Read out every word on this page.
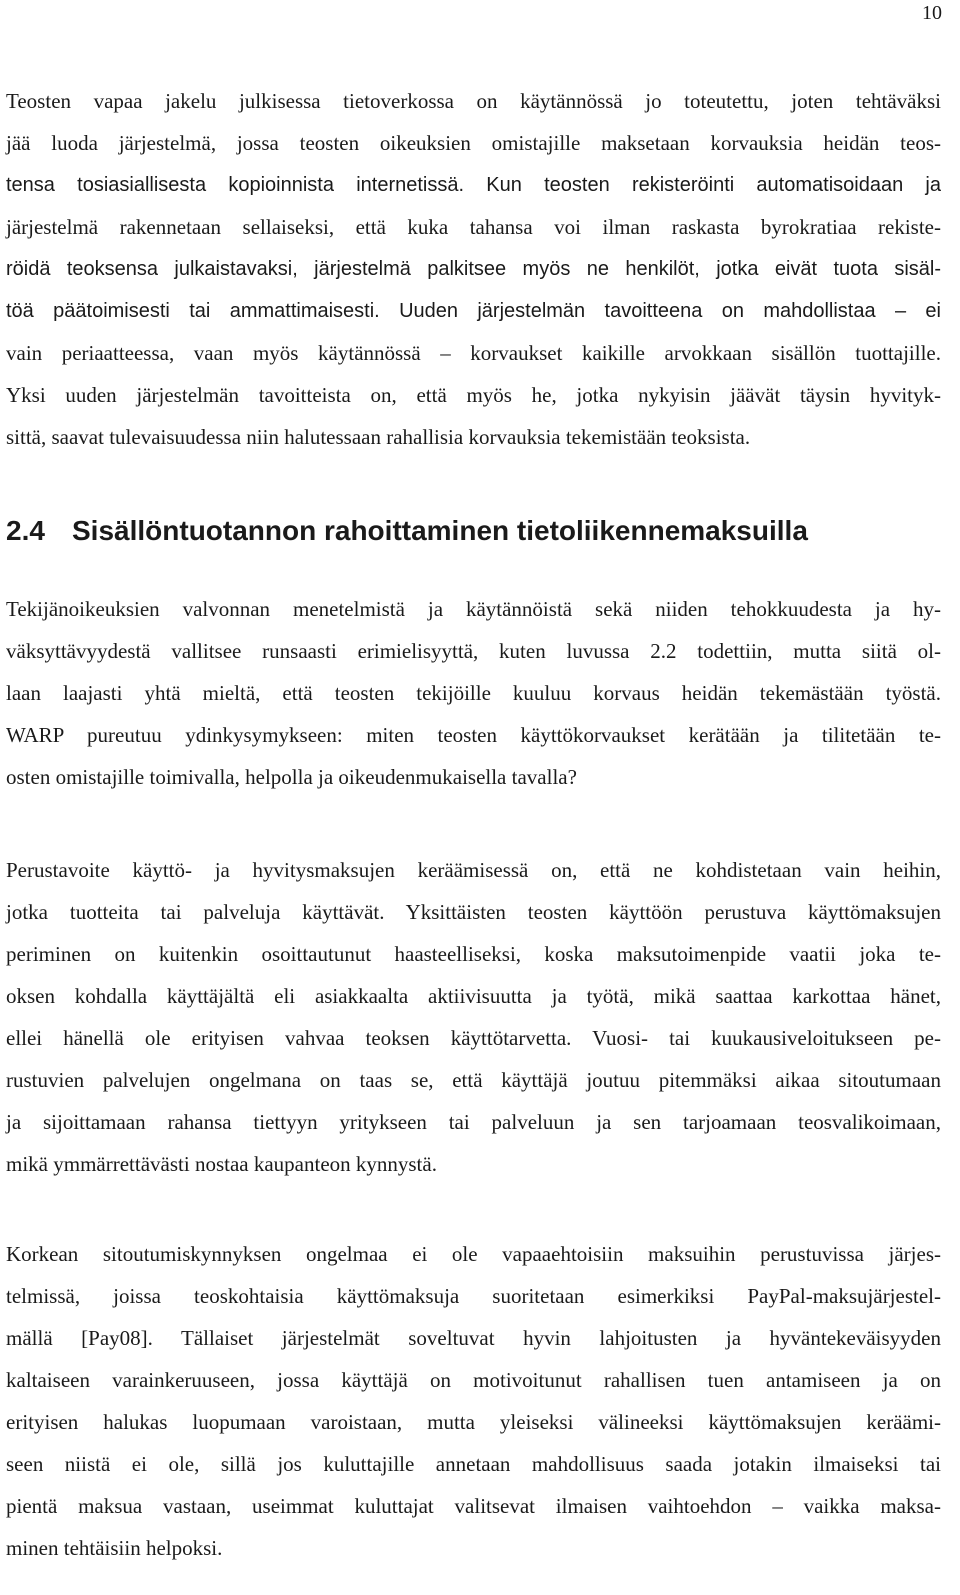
10
Teosten vapaa jakelu julkisessa tietoverkossa on käytännössä jo toteutettu, joten tehtäväksi
jää luoda järjestelmä, jossa teosten oikeuksien omistajille maksetaan korvauksia heidän teos-
tensa tosiasiallisesta kopioinnista internetissä. Kun teosten rekisteröinti automatisoidaan ja
järjestelmä rakennetaan sellaiseksi, että kuka tahansa voi ilman raskasta byrokratiaa rekiste-
röidä teoksensa julkaistavaksi, järjestelmä palkitsee myös ne henkilöt, jotka eivät tuota sisäl-
töä päätoimisesti tai ammattimaisesti. Uuden järjestelmän tavoitteena on mahdollistaa – ei
vain periaatteessa, vaan myös käytännössä – korvaukset kaikille arvokkaan sisällön tuottajille.
Yksi uuden järjestelmän tavoitteista on, että myös he, jotka nykyisin jäävät täysin hyvityk-
sittä, saavat tulevaisuudessa niin halutessaan rahallisia korvauksia tekemistään teoksista.
2.4 Sisällöntuotannon rahoittaminen tietoliikennemaksuilla
Tekijänoikeuksien valvonnan menetelmistä ja käytännöistä sekä niiden tehokkuudesta ja hy-
väksyttävyydestä vallitsee runsaasti erimielisyyttä, kuten luvussa 2.2 todettiin, mutta siitä ol-
laan laajasti yhtä mieltä, että teosten tekijöille kuuluu korvaus heidän tekemästään työstä.
WARP pureutuu ydinkysymykseen: miten teosten käyttökorvaukset kerätään ja tilitetään te-
osten omistajille toimivalla, helpolla ja oikeudenmukaisella tavalla?
Perustavoite käyttö- ja hyvitysmaksujen keräämisessä on, että ne kohdistetaan vain heihin,
jotka tuotteita tai palveluja käyttävät. Yksittäisten teosten käyttöön perustuva käyttömaksujen
periminen on kuitenkin osoittautunut haasteelliseksi, koska maksutoimenpide vaatii joka te-
oksen kohdalla käyttäjältä eli asiakkaalta aktiivisuutta ja työtä, mikä saattaa karkottaa hänet,
ellei hänellä ole erityisen vahvaa teoksen käyttötarvetta. Vuosi- tai kuukausiveloitukseen pe-
rustuvien palvelujen ongelmana on taas se, että käyttäjä joutuu pitemmäksi aikaa sitoutumaan
ja sijoittamaan rahansa tiettyyn yritykseen tai palveluun ja sen tarjoamaan teosvalikoimaan,
mikä ymmärrettävästi nostaa kaupanteon kynnystä.
Korkean sitoutumiskynnyksen ongelmaa ei ole vapaaehtoisiin maksuihin perustuvissa järjes-
telmissä, joissa teoskohtaisia käyttömaksuja suoritetaan esimerkiksi PayPal-maksujärjestel-
mällä [Pay08]. Tällaiset järjestelmät soveltuvat hyvin lahjoitusten ja hyväntekeväisyyden
kaltaiseen varainkeruuseen, jossa käyttäjä on motivoitunut rahallisen tuen antamiseen ja on
erityisen halukas luopumaan varoistaan, mutta yleiseksi välineeksi käyttömaksujen keräämi-
seen niistä ei ole, sillä jos kuluttajille annetaan mahdollisuus saada jotakin ilmaiseksi tai
pientä maksua vastaan, useimmat kuluttajat valitsevat ilmaisen vaihtoehdon – vaikka maksa-
minen tehtäisiin helpoksi.
